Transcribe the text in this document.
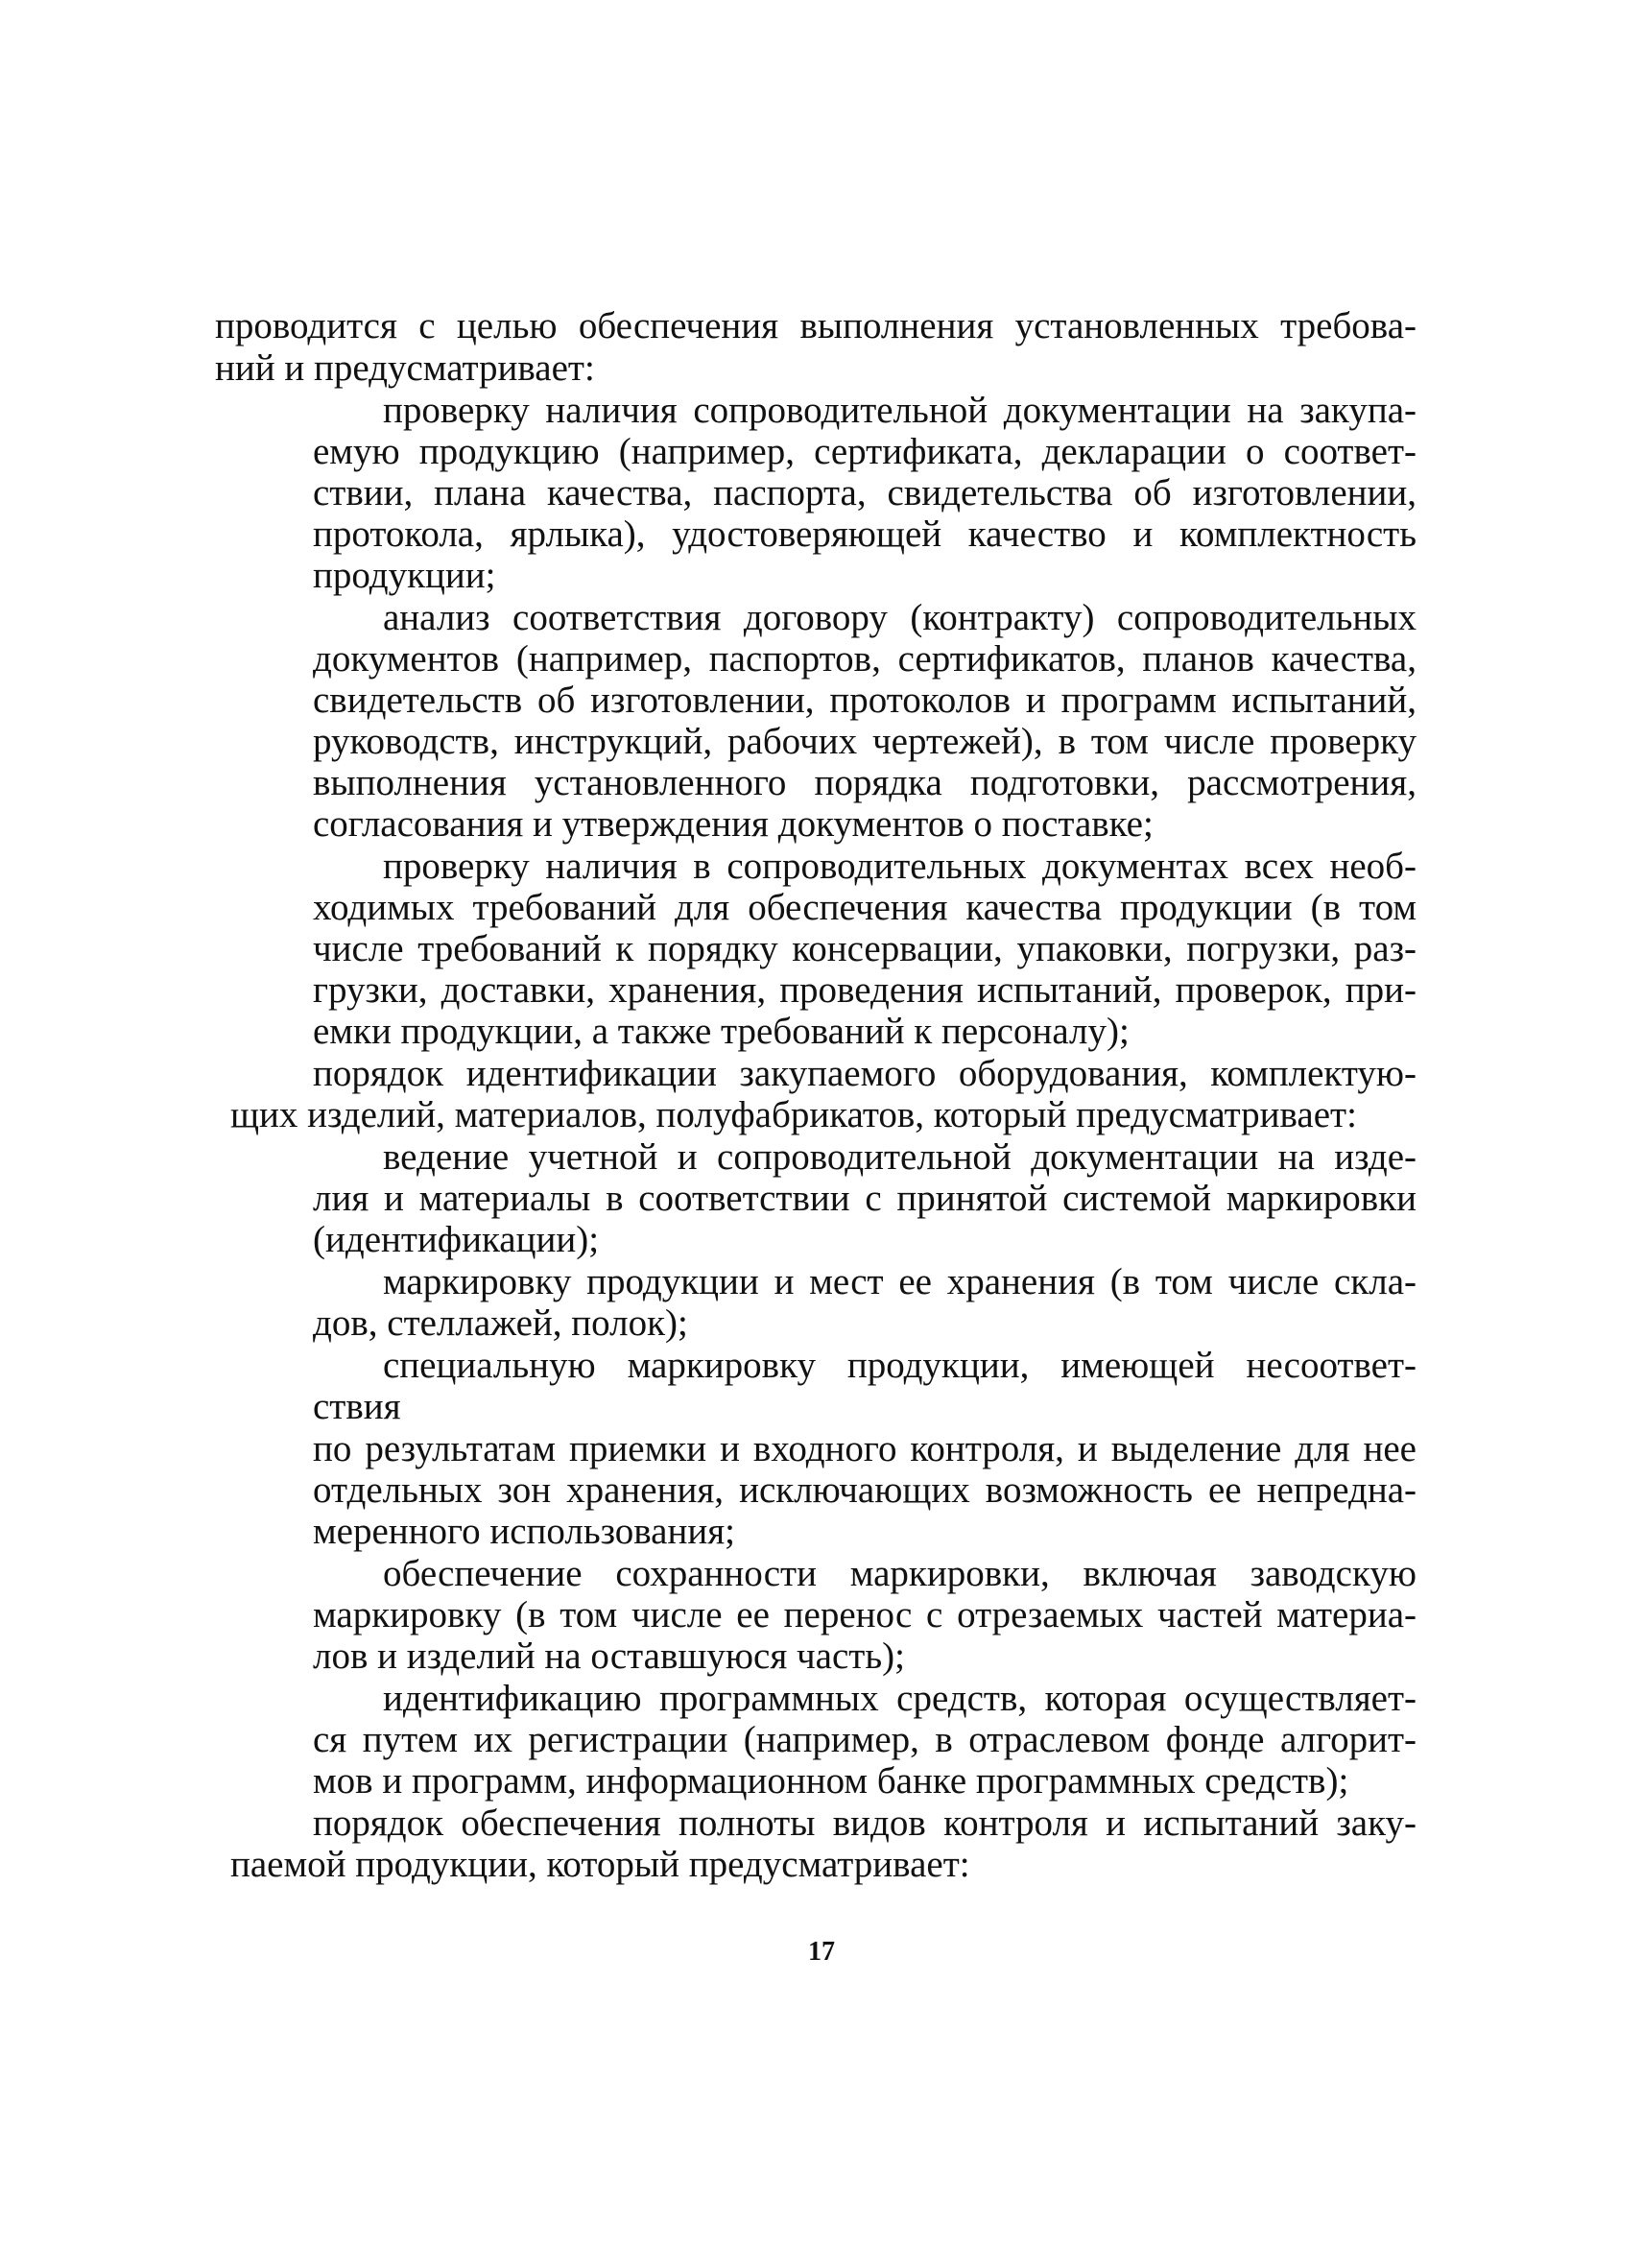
проводится с целью обеспечения выполнения установленных требова-

ний и предусматривает:

проверку наличия сопроводительной документации на закупа-

емую продукцию (например, сертификата, декларации о соответ-

ствии, плана качества, паспорта, свидетельства об изготовлении,

протокола, ярлыка), удостоверяющей качество и комплектность

продукции;

анализ соответствия договору (контракту) сопроводительных

документов (например, паспортов, сертификатов, планов качества,

свидетельств об изготовлении, протоколов и программ испытаний,

руководств, инструкций, рабочих чертежей), в том числе проверку

выполнения установленного порядка подготовки, рассмотрения,

согласования и утверждения документов о поставке;

проверку наличия в сопроводительных документах всех необ-

ходимых требований для обеспечения качества продукции (в том

числе требований к порядку консервации, упаковки, погрузки, раз-

грузки, доставки, хранения, проведения испытаний, проверок, при-

емки продукции, а также требований к персоналу);

порядок идентификации закупаемого оборудования, комплектую-

щих изделий, материалов, полуфабрикатов, который предусматривает:

ведение учетной и сопроводительной документации на изде-

лия и материалы в соответствии с принятой системой маркировки

(идентификации);

маркировку продукции и мест ее хранения (в том числе скла-

дов, стеллажей, полок);

специальную маркировку продукции, имеющей несоответ-

ствия

по результатам приемки и входного контроля, и выделение для нее

отдельных зон хранения, исключающих возможность ее непредна-

меренного использования;

обеспечение сохранности маркировки, включая заводскую

маркировку (в том числе ее перенос с отрезаемых частей материа-

лов и изделий на оставшуюся часть);

идентификацию программных средств, которая осуществляет-

ся путем их регистрации (например, в отраслевом фонде алгорит-

мов и программ, информационном банке программных средств);

порядок обеспечения полноты видов контроля и испытаний заку-

паемой продукции, который предусматривает:

17
